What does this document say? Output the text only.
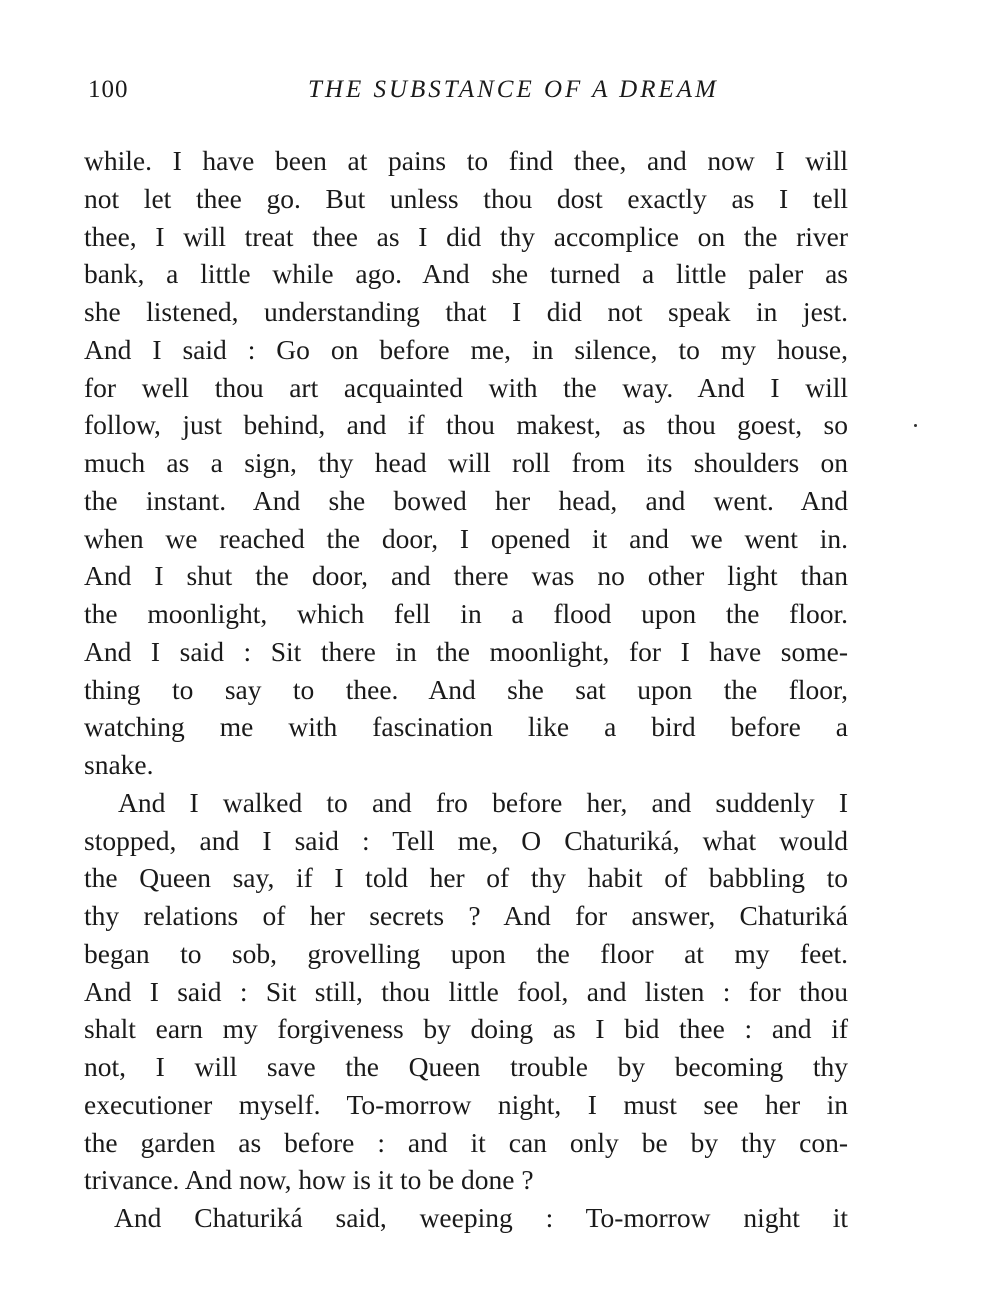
100	THE SUBSTANCE OF A DREAM
while. I have been at pains to find thee, and now I will
not let thee go. But unless thou dost exactly as I tell
thee, I will treat thee as I did thy accomplice on the river
bank, a little while ago. And she turned a little paler as
she listened, understanding that I did not speak in jest.
And I said : Go on before me, in silence, to my house,
for well thou art acquainted with the way. And I will
follow, just behind, and if thou makest, as thou goest, so
much as a sign, thy head will roll from its shoulders on
the instant. And she bowed her head, and went. And
when we reached the door, I opened it and we went in.
And I shut the door, and there was no other light than
the moonlight, which fell in a flood upon the floor.
And I said : Sit there in the moonlight, for I have some-
thing to say to thee. And she sat upon the floor,
watching me with fascination like a bird before a
snake.
And I walked to and fro before her, and suddenly I
stopped, and I said : Tell me, O Chaturiká, what would
the Queen say, if I told her of thy habit of babbling to
thy relations of her secrets ? And for answer, Chaturiká
began to sob, grovelling upon the floor at my feet.
And I said : Sit still, thou little fool, and listen : for thou
shalt earn my forgiveness by doing as I bid thee : and if
not, I will save the Queen trouble by becoming thy
executioner myself. To-morrow night, I must see her in
the garden as before : and it can only be by thy con-
trivance. And now, how is it to be done ?
And Chaturiká said, weeping : To-morrow night it
